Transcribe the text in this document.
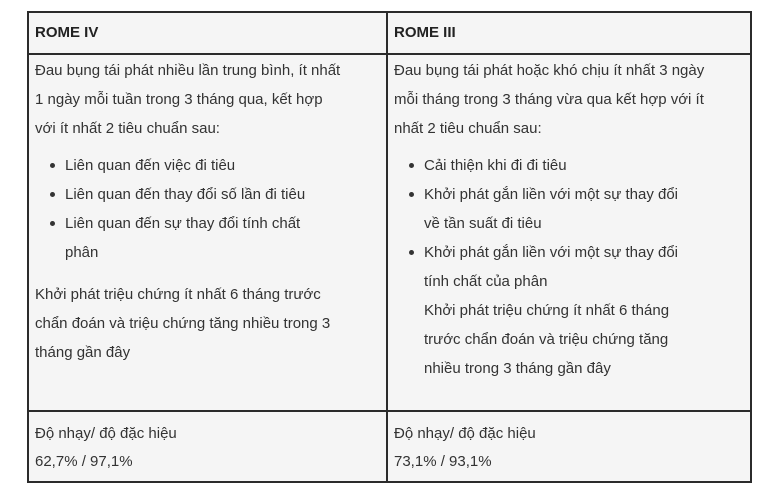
ROME IV	ROME III
Đau bụng tái phát nhiều lần trung bình, ít nhất
1 ngày mỗi tuần trong 3 tháng qua, kết hợp
với ít nhất 2 tiêu chuẩn sau:
Liên quan đến việc đi tiêu
Liên quan đến thay đổi số lần đi tiêu
Liên quan đến sự thay đổi tính chất
phân
Khởi phát triệu chứng ít nhất 6 tháng trước
chẩn đoán và triệu chứng tăng nhiều trong 3
tháng gần đây
Đau bụng tái phát hoặc khó chịu ít nhất 3 ngày
mỗi tháng trong 3 tháng vừa qua kết hợp với ít
nhất 2 tiêu chuẩn sau:
Cải thiện khi đi đi tiêu
Khởi phát gắn liền với một sự thay đổi
về tần suất đi tiêu
Khởi phát gắn liền với một sự thay đổi
tính chất của phân
Khởi phát triệu chứng ít nhất 6 tháng
trước chẩn đoán và triệu chứng tăng
nhiều trong 3 tháng gần đây
Độ nhạy/ độ đặc hiệu
62,7% / 97,1%
Độ nhạy/ độ đặc hiệu
73,1% / 93,1%
